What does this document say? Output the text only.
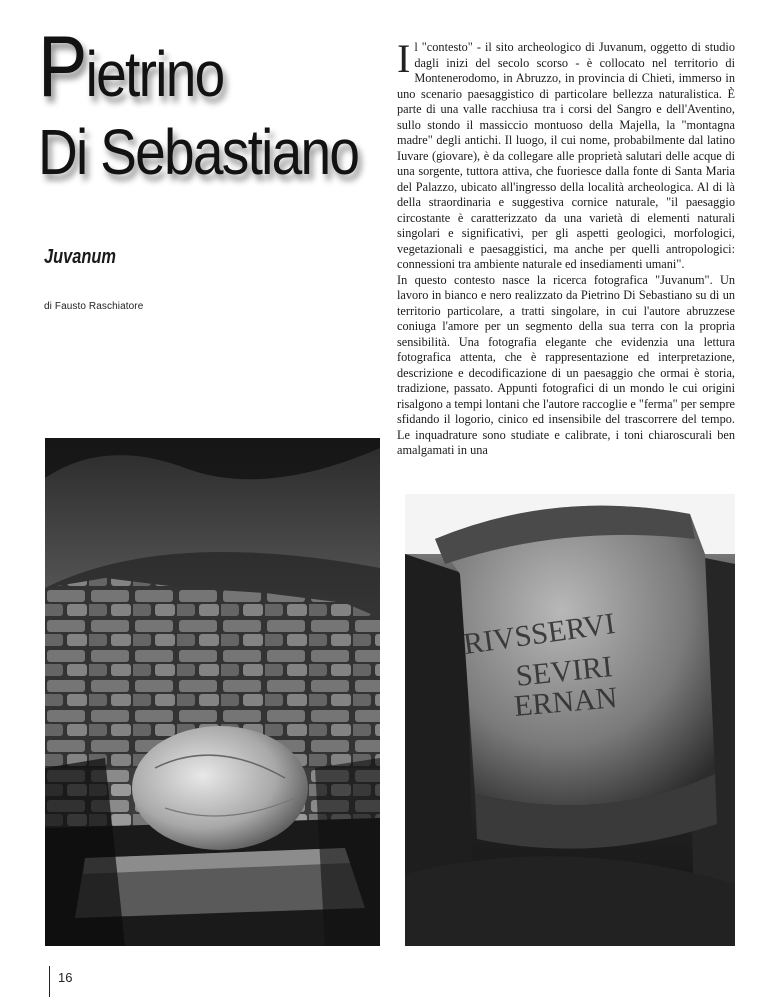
Pietrino
Di Sebastiano
Juvanum
di Fausto Raschiatore
I l "contesto" - il sito archeologico di Juvanum, oggetto di studio dagli inizi del secolo scorso - è collocato nel territorio di Montenerodomo, in Abruzzo, in provincia di Chieti, immerso in uno scenario paesaggistico di particolare bellezza naturalistica. È parte di una valle racchiusa tra i corsi del Sangro e dell'Aventino, sullo stondo il massiccio montuoso della Majella, la "montagna madre" degli antichi. Il luogo, il cui nome, probabilmente dal latino Iuvare (giovare), è da collegare alle proprietà salutari delle acque di una sorgente, tuttora attiva, che fuoriesce dalla fonte di Santa Maria del Palazzo, ubicato all'ingresso della località archeologica. Al di là della straordinaria e suggestiva cornice naturale, "il paesaggio circostante è caratterizzato da una varietà di elementi naturali singolari e significativi, per gli aspetti geologici, morfologici, vegetazionali e paesaggistici, ma anche per quelli antropologici: connessioni tra ambiente naturale ed insediamenti umani".

In questo contesto nasce la ricerca fotografica "Juvanum". Un lavoro in bianco e nero realizzato da Pietrino Di Sebastiano su di un territorio particolare, a tratti singolare, in cui l'autore abruzzese coniuga l'amore per un segmento della sua terra con la propria sensibilità. Una fotografia elegante che evidenzia una lettura fotografica attenta, che è rappresentazione ed interpretazione, descrizione e decodificazione di un paesaggio che ormai è storia, tradizione, passato. Appunti fotografici di un mondo le cui origini risalgono a tempi lontani che l'autore raccoglie e "ferma" per sempre sfidando il logorio, cinico ed insensibile del trascorrere del tempo. Le inquadrature sono studiate e calibrate, i toni chiaroscurali ben amalgamati in una

RIVSSERVI
SEVIRI
ERNAN
16
